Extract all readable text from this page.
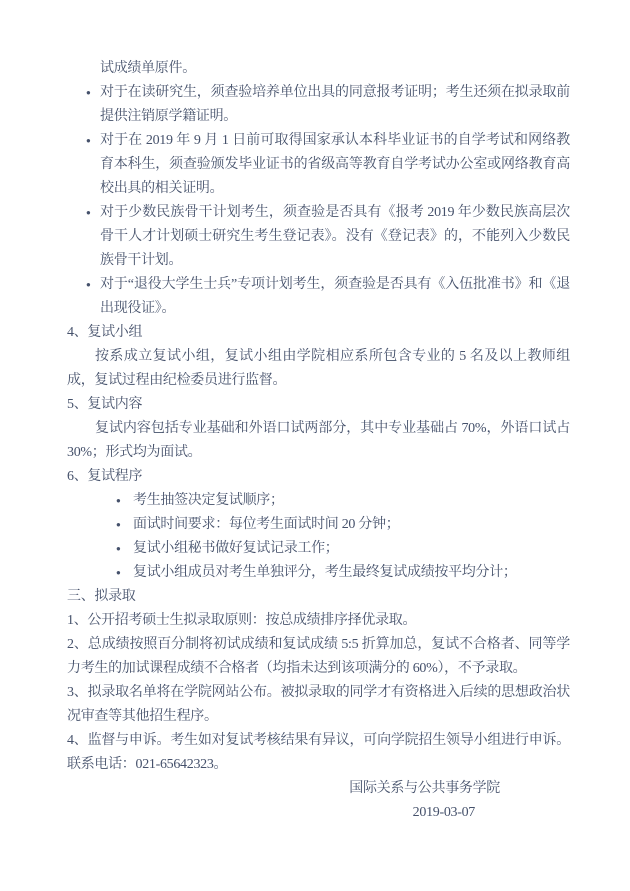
试成绩单原件。

● 对于在读研究生，须查验培养单位出具的同意报考证明；考生还须在拟录取前提供注销原学籍证明。
● 对于在 2019 年 9 月 1 日前可取得国家承认本科毕业证书的自学考试和网络教育本科生，须查验颁发毕业证书的省级高等教育自学考试办公室或网络教育高校出具的相关证明。
● 对于少数民族骨干计划考生，须查验是否具有《报考 2019 年少数民族高层次骨干人才计划硕士研究生考生登记表》。没有《登记表》的，不能列入少数民族骨干计划。
● 对于“退役大学生士兵”专项计划考生，须查验是否具有《入伍批准书》和《退出现役证》。

4、复试小组

按系成立复试小组，复试小组由学院相应系所包含专业的 5 名及以上教师组成，复试过程由纪检委员进行监督。

5、复试内容

复试内容包括专业基础和外语口试两部分，其中专业基础占 70%，外语口试占 30%；形式均为面试。

6、复试程序

● 考生抽签决定复试顺序；
● 面试时间要求：每位考生面试时间 20 分钟；
● 复试小组秘书做好复试记录工作；
● 复试小组成员对考生单独评分，考生最终复试成绩按平均分计；

三、拟录取

1、公开招考硕士生拟录取原则：按总成绩排序择优录取。

2、总成绩按照百分制将初试成绩和复试成绩 5:5 折算加总，复试不合格者、同等学力考生的加试课程成绩不合格者（均指未达到该项满分的 60%），不予录取。

3、拟录取名单将在学院网站公布。被拟录取的同学才有资格进入后续的思想政治状况审查等其他招生程序。

4、监督与申诉。考生如对复试考核结果有异议，可向学院招生领导小组进行申诉。联系电话：021-65642323。

国际关系与公共事务学院

2019-03-07
